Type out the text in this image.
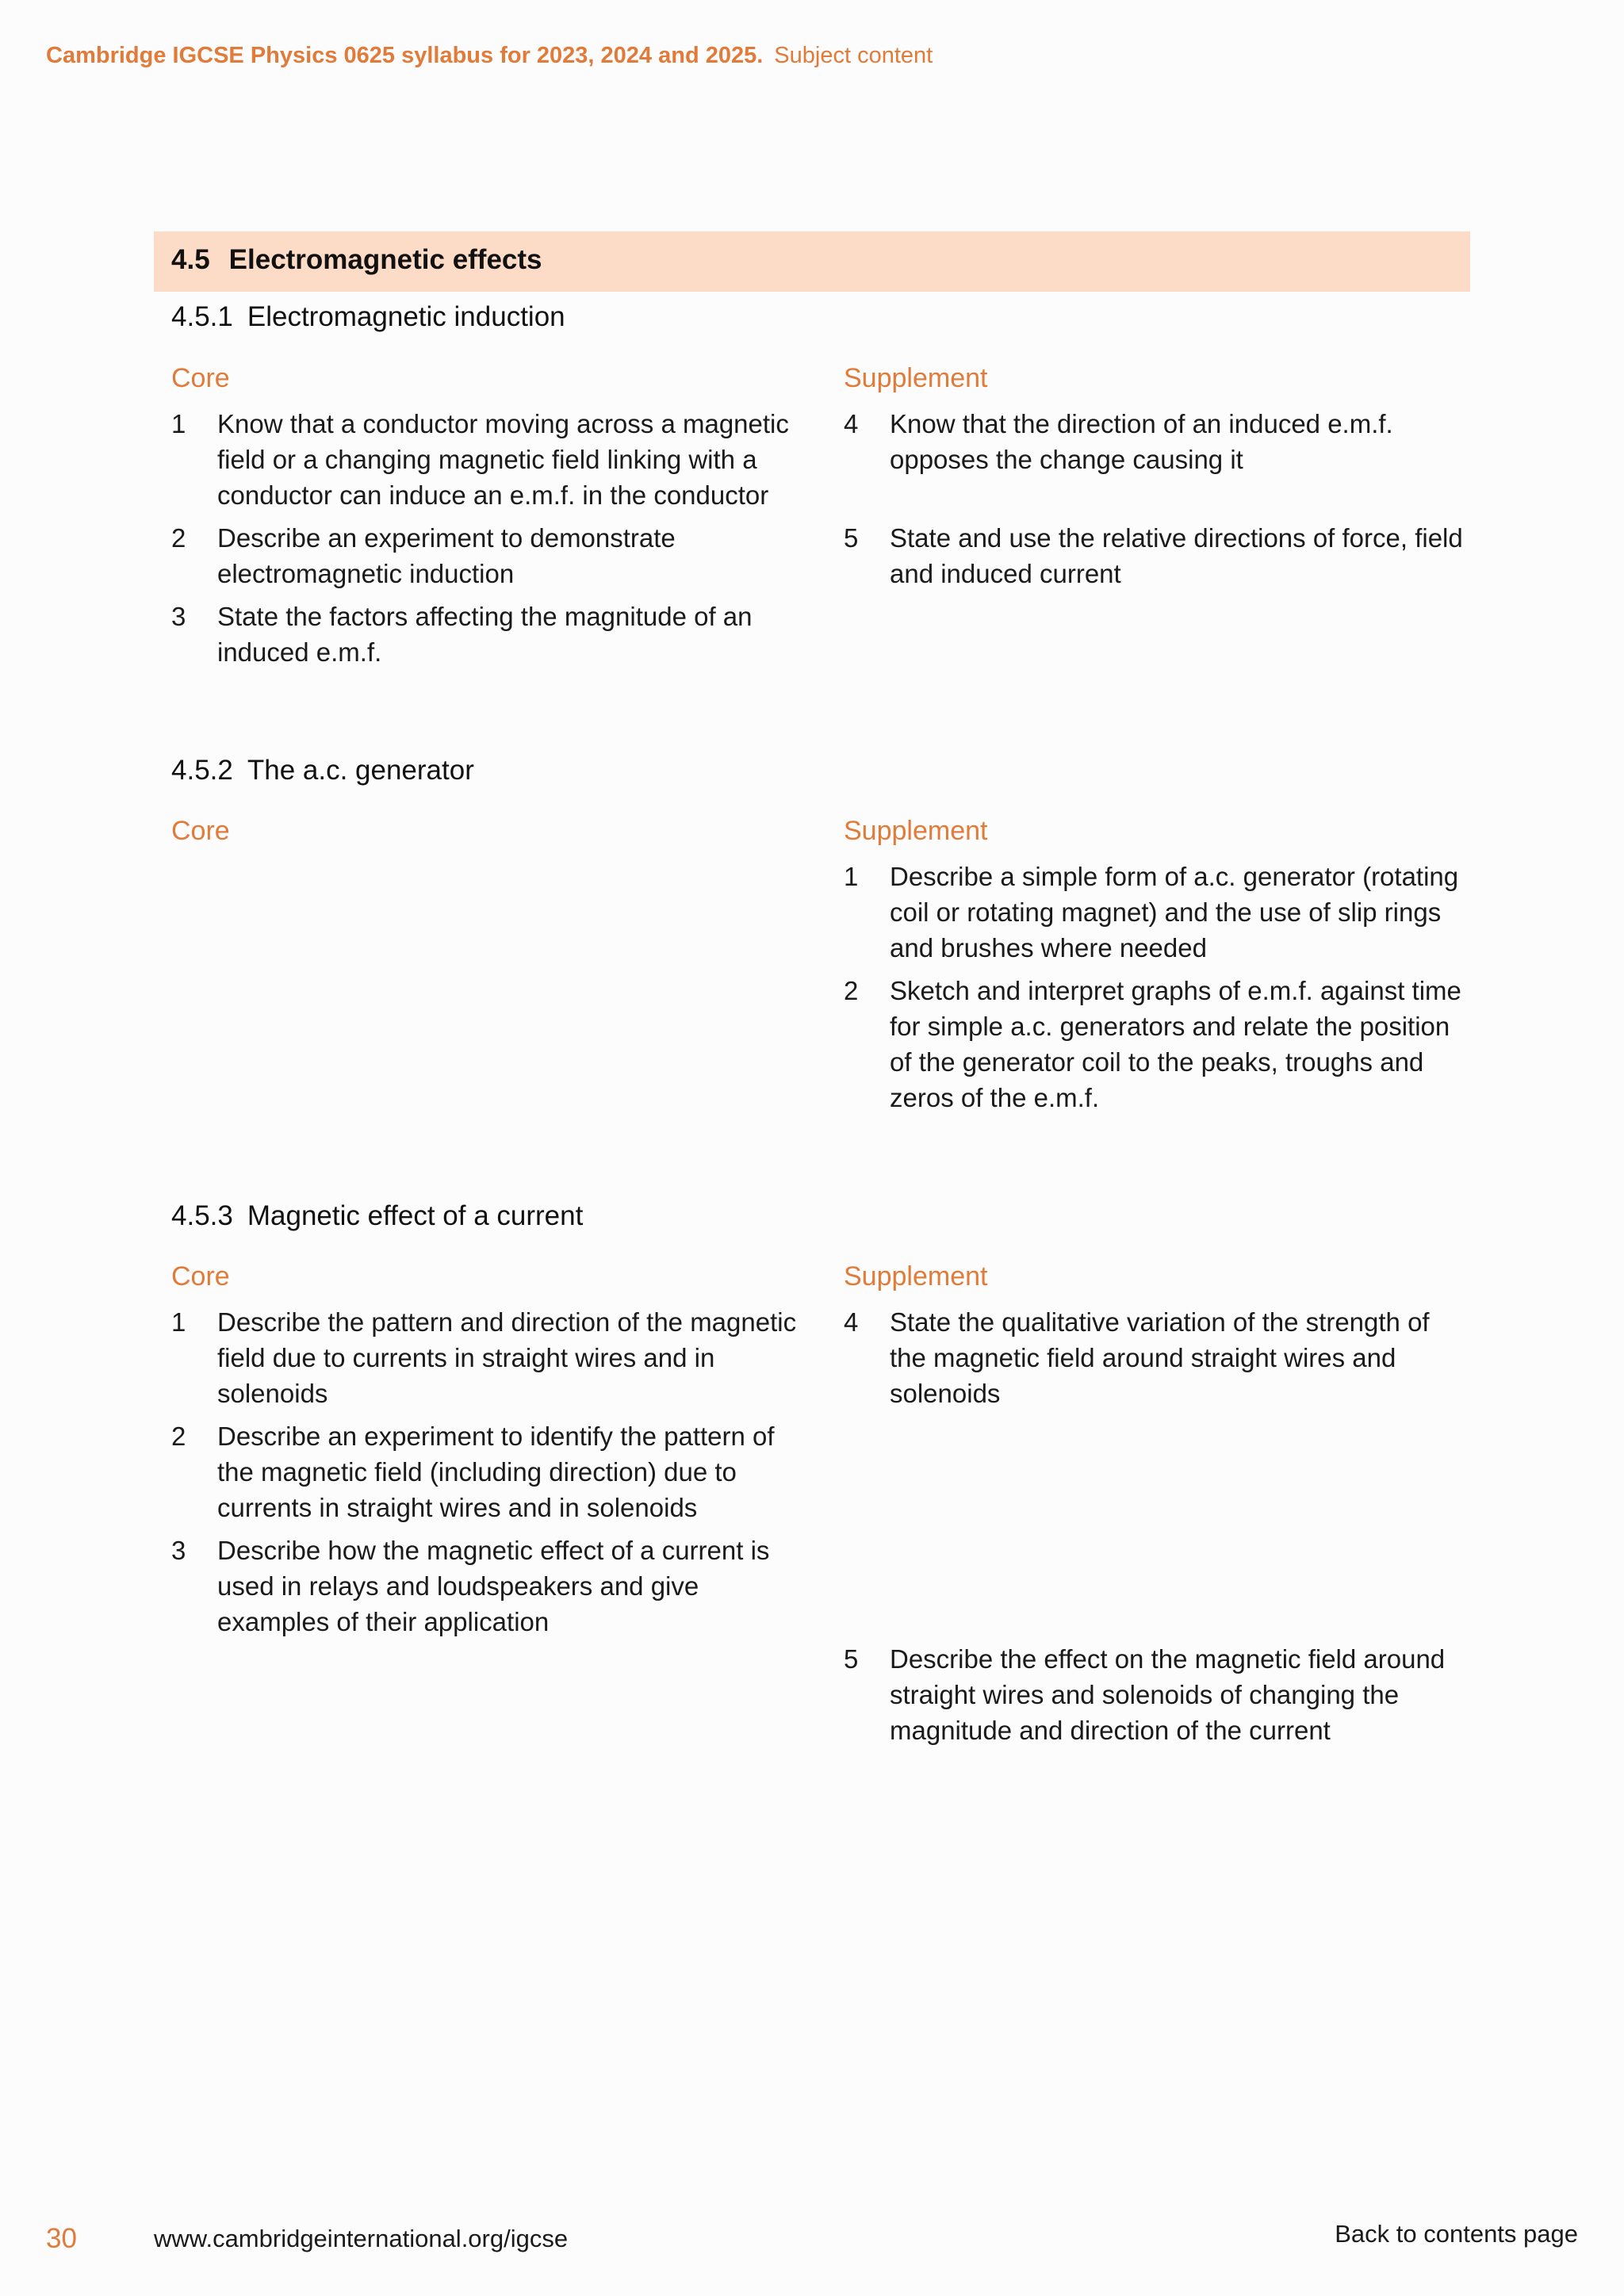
Cambridge IGCSE Physics 0625 syllabus for 2023, 2024 and 2025. Subject content
4.5 Electromagnetic effects
4.5.1 Electromagnetic induction
Core	Supplement
1	Know that a conductor moving across a magnetic field or a changing magnetic field linking with a conductor can induce an e.m.f. in the conductor
2	Describe an experiment to demonstrate electromagnetic induction
3	State the factors affecting the magnitude of an induced e.m.f.
4	Know that the direction of an induced e.m.f. opposes the change causing it
5	State and use the relative directions of force, field and induced current
4.5.2 The a.c. generator
Core	Supplement
1	Describe a simple form of a.c. generator (rotating coil or rotating magnet) and the use of slip rings and brushes where needed
2	Sketch and interpret graphs of e.m.f. against time for simple a.c. generators and relate the position of the generator coil to the peaks, troughs and zeros of the e.m.f.
4.5.3 Magnetic effect of a current
Core	Supplement
1	Describe the pattern and direction of the magnetic field due to currents in straight wires and in solenoids
2	Describe an experiment to identify the pattern of the magnetic field (including direction) due to currents in straight wires and in solenoids
3	Describe how the magnetic effect of a current is used in relays and loudspeakers and give examples of their application
4	State the qualitative variation of the strength of the magnetic field around straight wires and solenoids
5	Describe the effect on the magnetic field around straight wires and solenoids of changing the magnitude and direction of the current
30	www.cambridgeinternational.org/igcse	Back to contents page
